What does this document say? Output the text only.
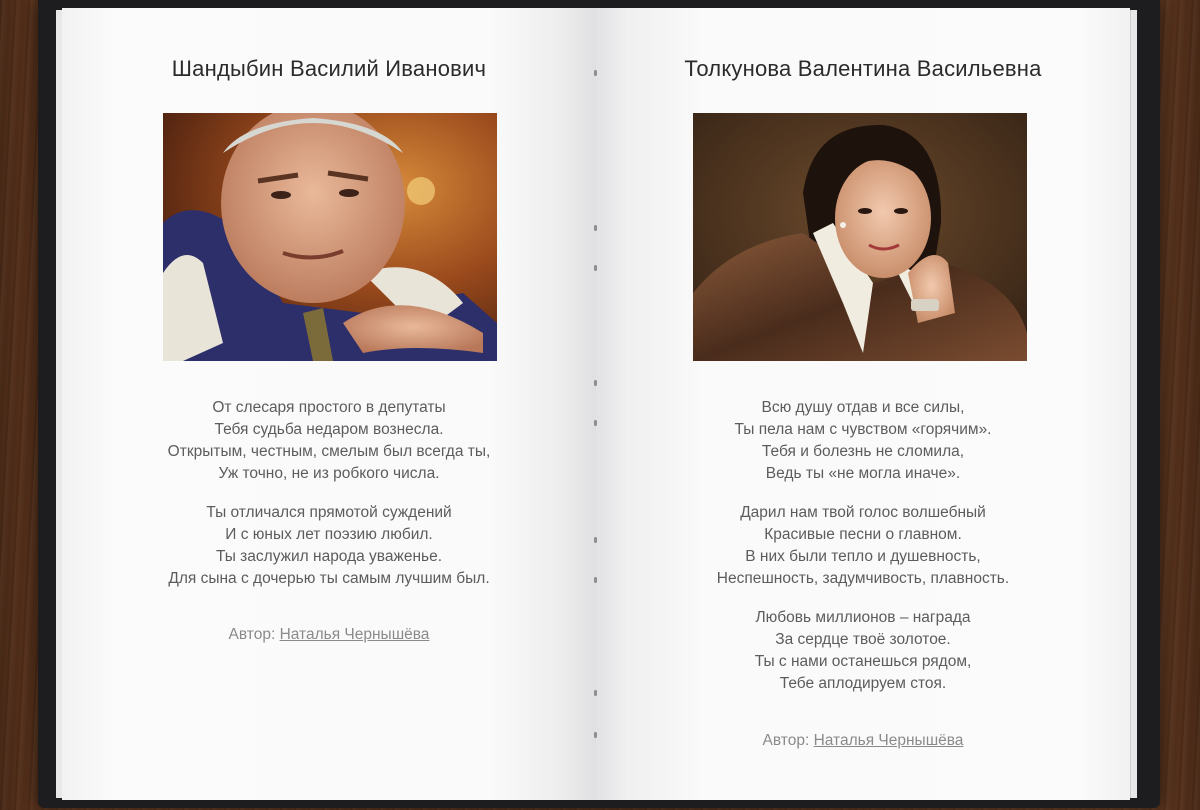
Шандыбин Василий Иванович
От слесаря простого в депутаты
Тебя судьба недаром вознесла.
Открытым, честным, смелым был всегда ты,
Уж точно, не из робкого числа.
Ты отличался прямотой суждений
И с юных лет поэзию любил.
Ты заслужил народа уваженье.
Для сына с дочерью ты самым лучшим был.
Автор: Наталья Чернышёва
Толкунова Валентина Васильевна
Всю душу отдав и все силы,
Ты пела нам с чувством «горячим».
Тебя и болезнь не сломила,
Ведь ты «не могла иначе».
Дарил нам твой голос волшебный
Красивые песни о главном.
В них были тепло и душевность,
Неспешность, задумчивость, плавность.
Любовь миллионов – награда
За сердце твоё золотое.
Ты с нами останешься рядом,
Тебе аплодируем стоя.
Автор: Наталья Чернышёва
